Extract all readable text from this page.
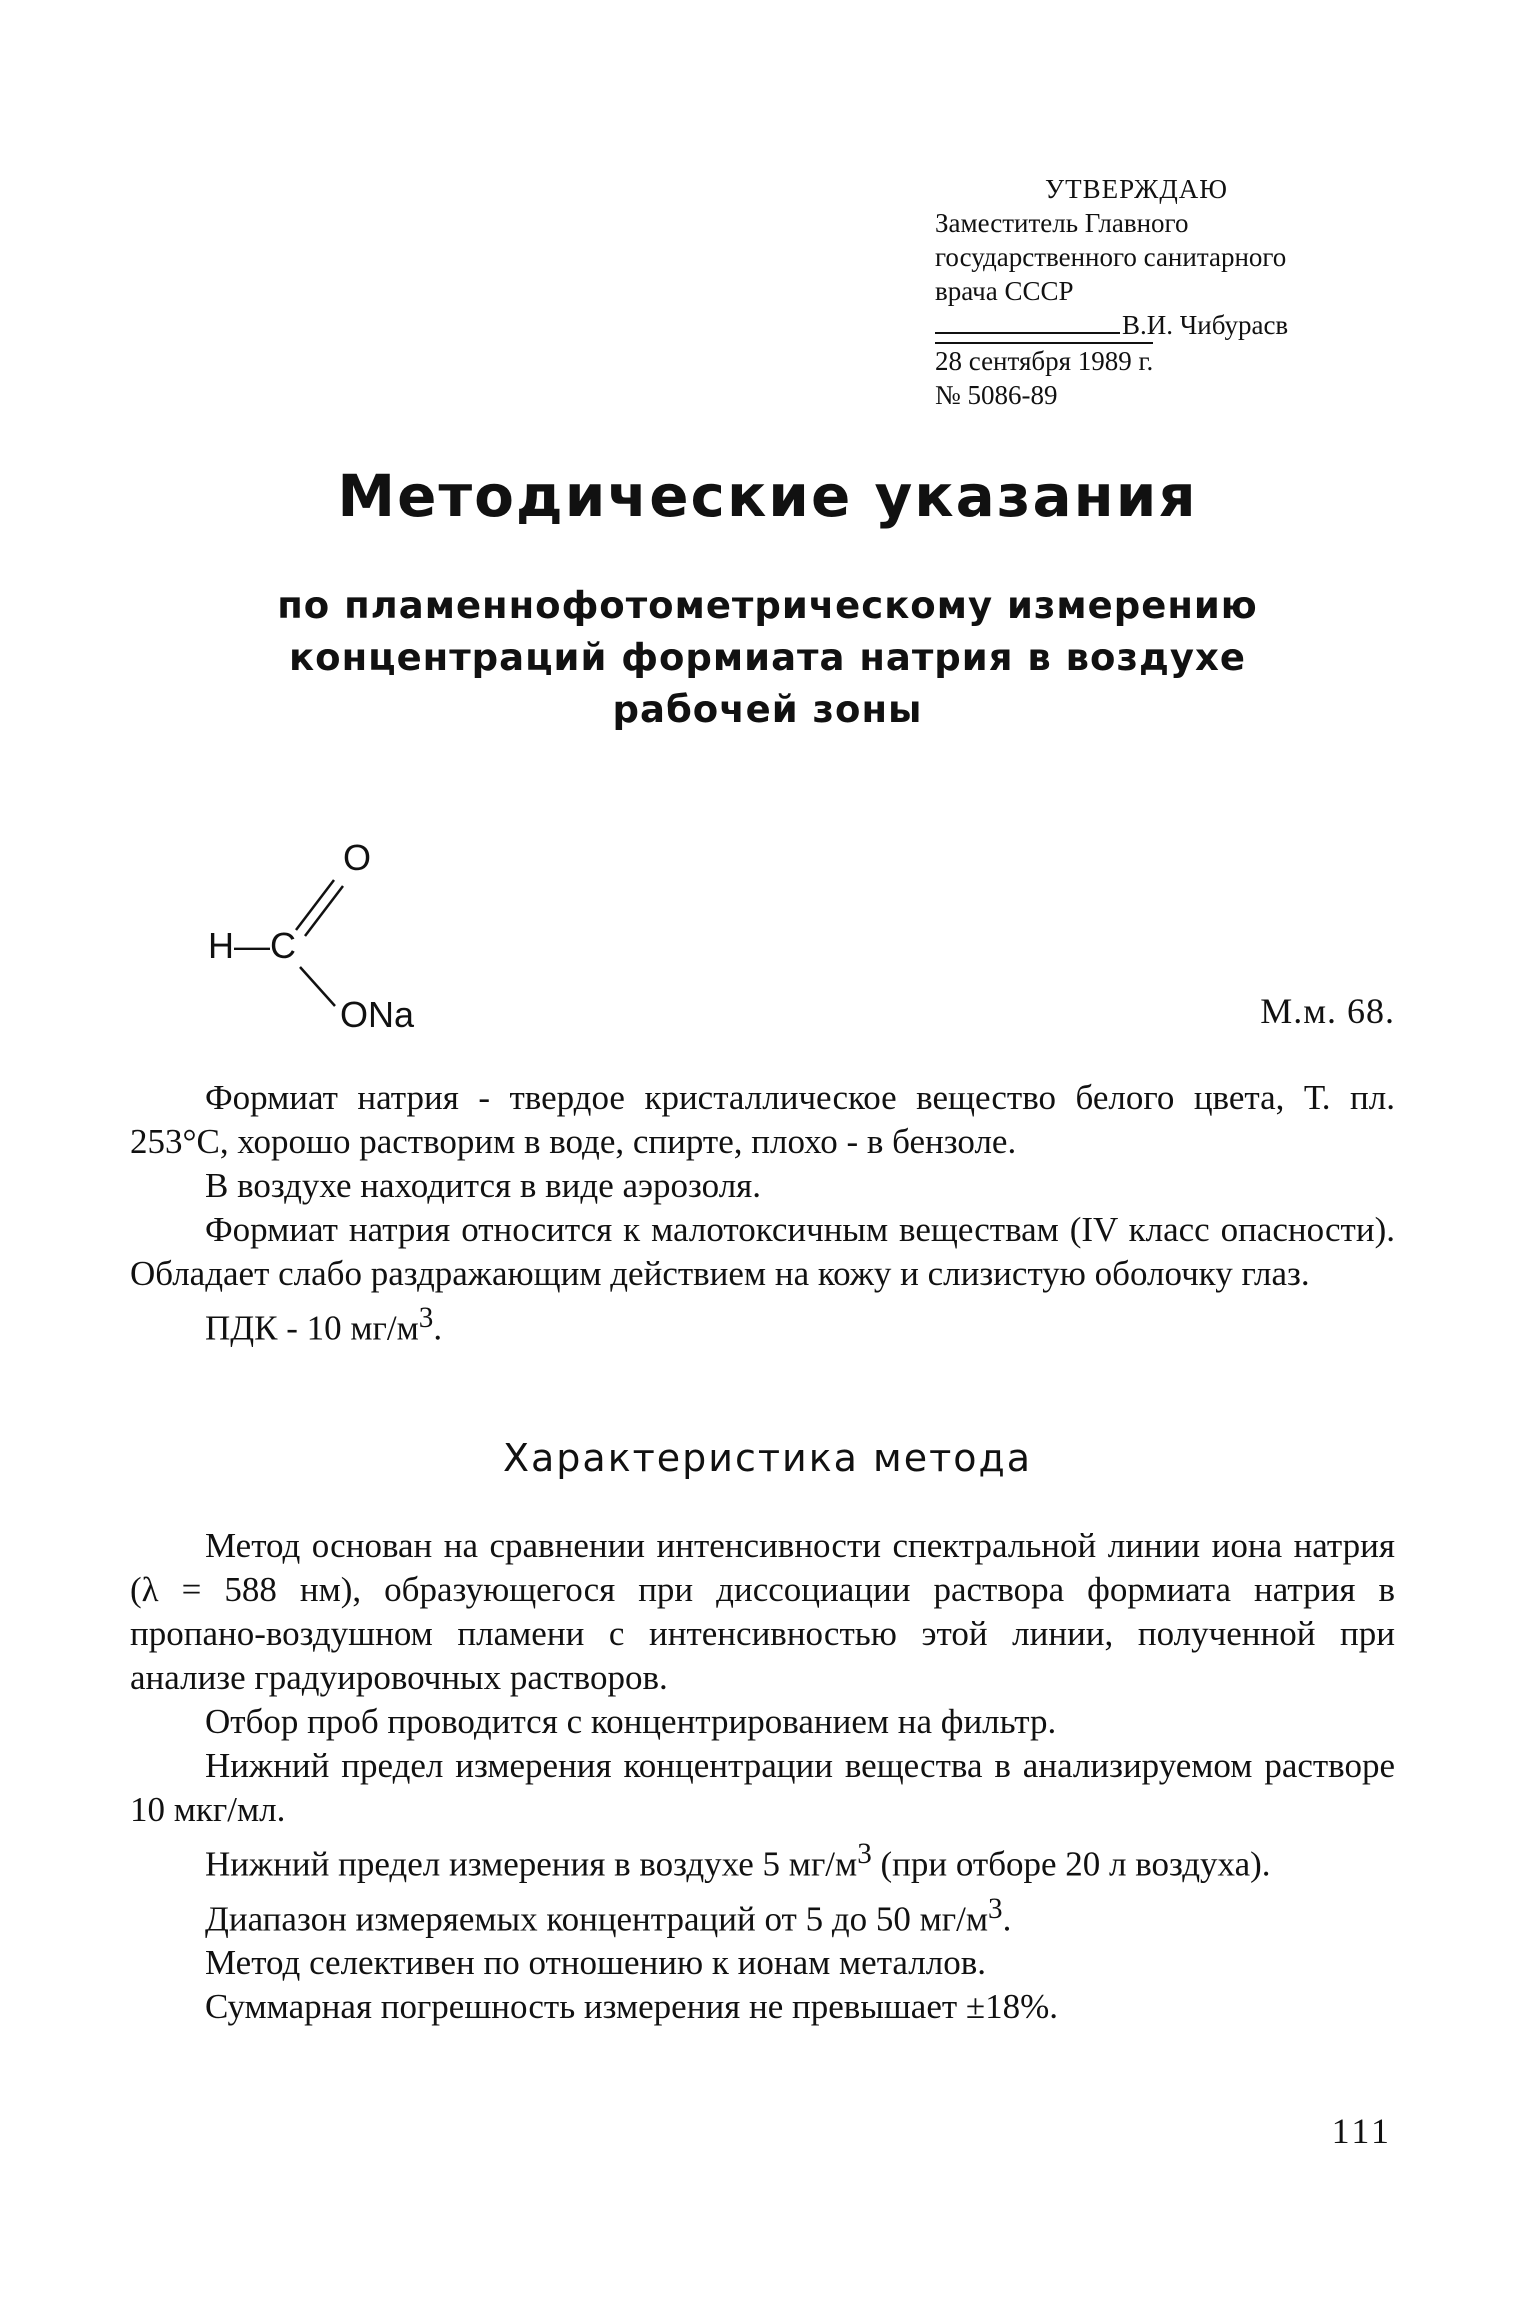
УТВЕРЖДАЮ
Заместитель Главного
государственного санитарного
врача СССР
В.И. Чибурасв
28 сентября 1989 г.
№ 5086-89
Методические указания
по пламеннофотометрическому измерению
концентраций формиата натрия в воздухе
рабочей зоны
O
H—C
ONa	М.м. 68.

Формиат натрия - твердое кристаллическое вещество белого цвета, Т. пл. 253°С, хорошо растворим в воде, спирте, плохо - в бензоле.

В воздухе находится в виде аэрозоля.

Формиат натрия относится к малотоксичным веществам (IV класс опасности). Обладает слабо раздражающим действием на кожу и слизистую оболочку глаз.

ПДК - 10 $мг/м^3$.

Характеристика метода

Метод основан на сравнении интенсивности спектральной линии иона натрия (λ = 588 нм), образующегося при диссоциации раствора формиата натрия в пропано-воздушном пламени с интенсивностью этой линии, полученной при анализе градуировочных растворов.

Отбор проб проводится с концентрированием на фильтр.

Нижний предел измерения концентрации вещества в анализируемом растворе 10 мкг/мл.

Нижний предел измерения в воздухе 5 $мг/м^3$ (при отборе 20 л воздуха).

Диапазон измеряемых концентраций от 5 до 50 $мг/м^3$.

Метод селективен по отношению к ионам металлов.

Суммарная погрешность измерения не превышает ±18%.

111
